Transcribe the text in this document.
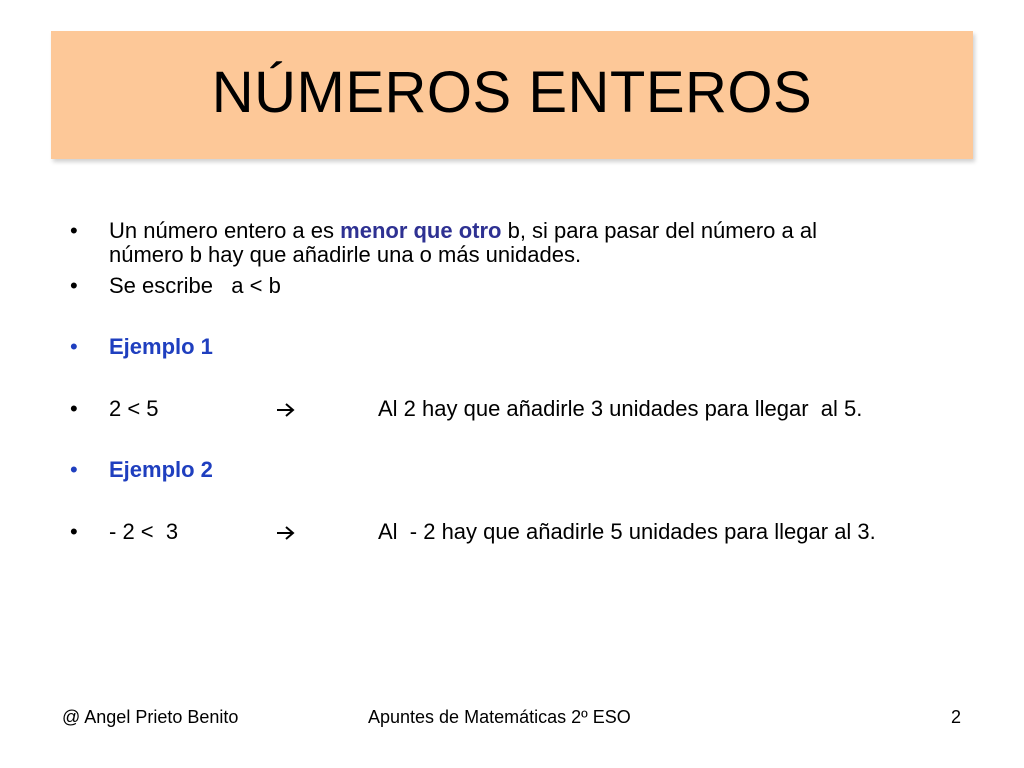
NÚMEROS ENTEROS
•	Un número entero a es menor que otro b, si para pasar del número a al
número b hay que añadirle una o más unidades.
•	Se escribe   a < b
•	Ejemplo 1
•	2 < 5	Al 2 hay que añadirle 3 unidades para llegar  al 5.
•	Ejemplo 2
•	- 2 <  3	Al  - 2 hay que añadirle 5 unidades para llegar al 3.
@ Angel Prieto Benito	Apuntes de Matemáticas 2º ESO	2
